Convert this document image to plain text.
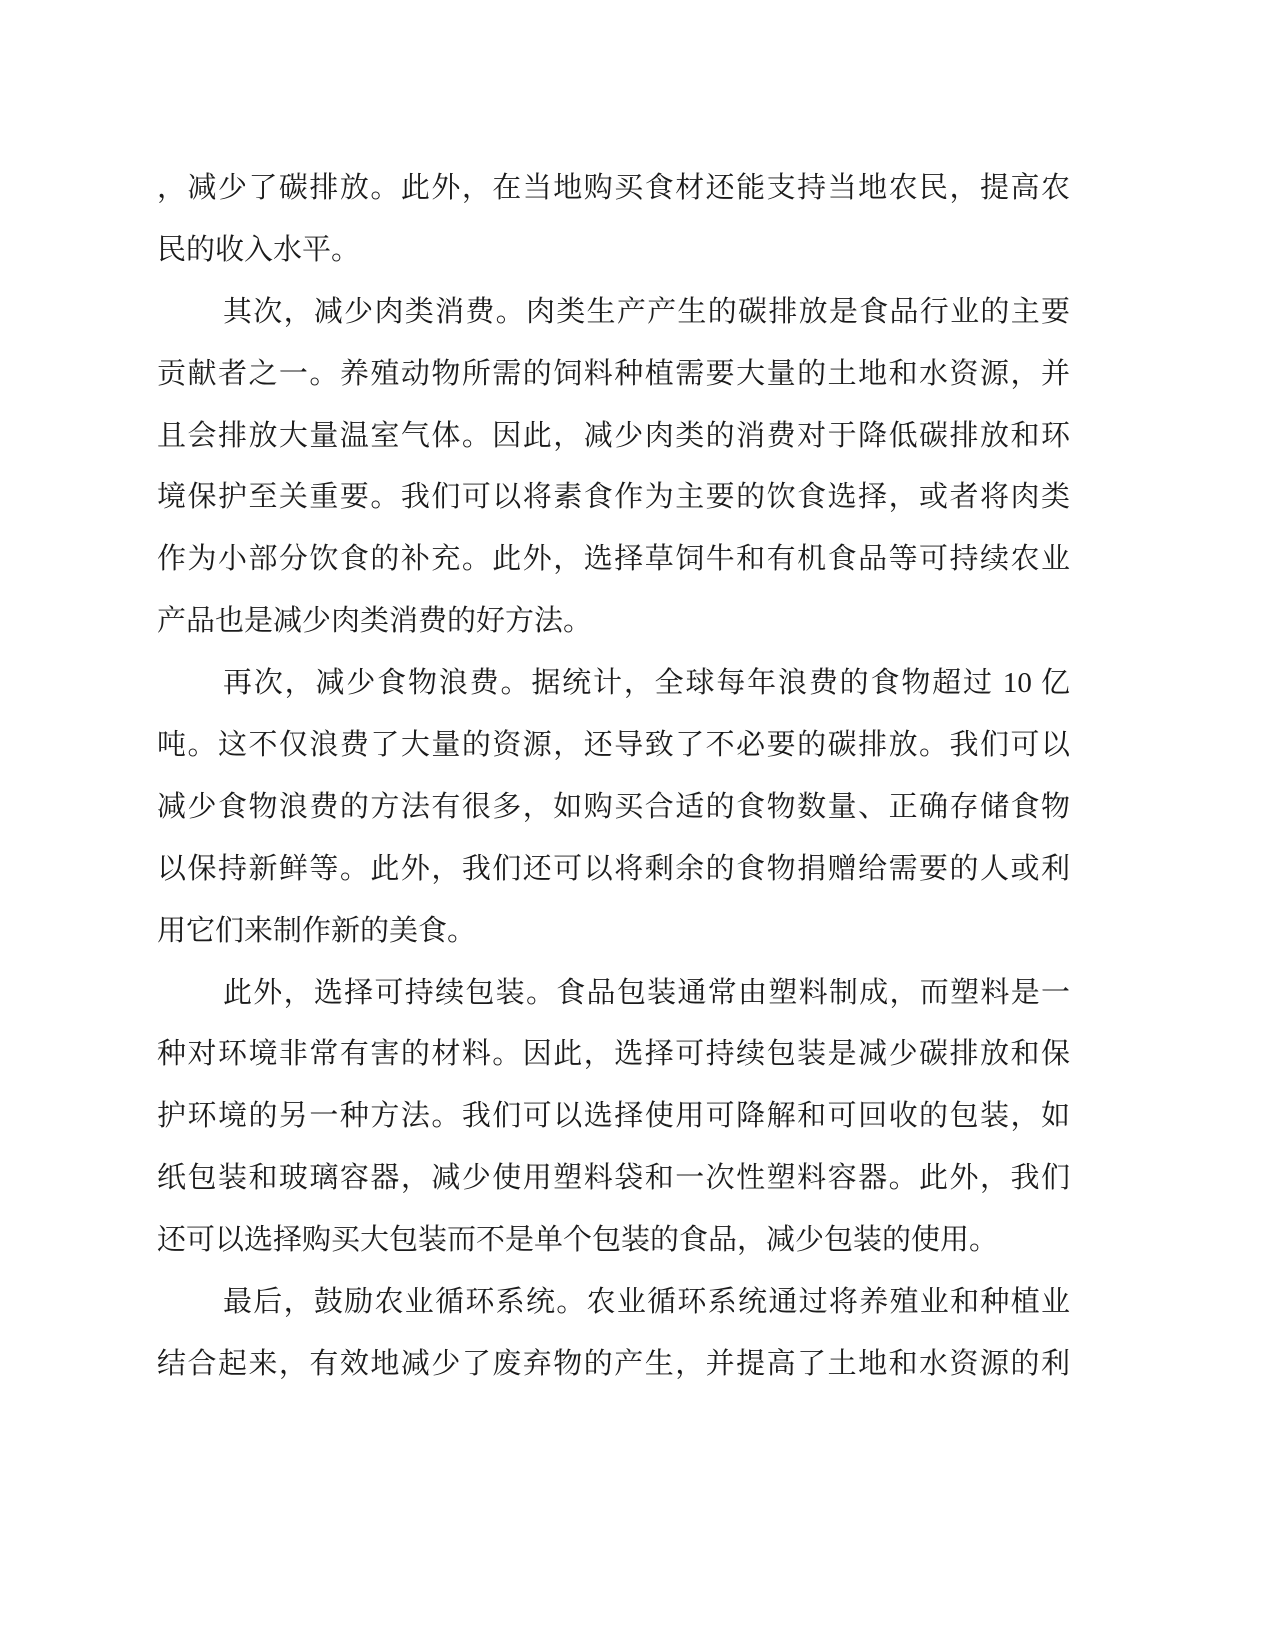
，减少了碳排放。此外，在当地购买食材还能支持当地农民，提高农
民的收入水平。
其次，减少肉类消费。肉类生产产生的碳排放是食品行业的主要
贡献者之一。养殖动物所需的饲料种植需要大量的土地和水资源，并
且会排放大量温室气体。因此，减少肉类的消费对于降低碳排放和环
境保护至关重要。我们可以将素食作为主要的饮食选择，或者将肉类
作为小部分饮食的补充。此外，选择草饲牛和有机食品等可持续农业
产品也是减少肉类消费的好方法。
再次，减少食物浪费。据统计，全球每年浪费的食物超过 10 亿
吨。这不仅浪费了大量的资源，还导致了不必要的碳排放。我们可以
减少食物浪费的方法有很多，如购买合适的食物数量、正确存储食物
以保持新鲜等。此外，我们还可以将剩余的食物捐赠给需要的人或利
用它们来制作新的美食。
此外，选择可持续包装。食品包装通常由塑料制成，而塑料是一
种对环境非常有害的材料。因此，选择可持续包装是减少碳排放和保
护环境的另一种方法。我们可以选择使用可降解和可回收的包装，如
纸包装和玻璃容器，减少使用塑料袋和一次性塑料容器。此外，我们
还可以选择购买大包装而不是单个包装的食品，减少包装的使用。
最后，鼓励农业循环系统。农业循环系统通过将养殖业和种植业
结合起来，有效地减少了废弃物的产生，并提高了土地和水资源的利
